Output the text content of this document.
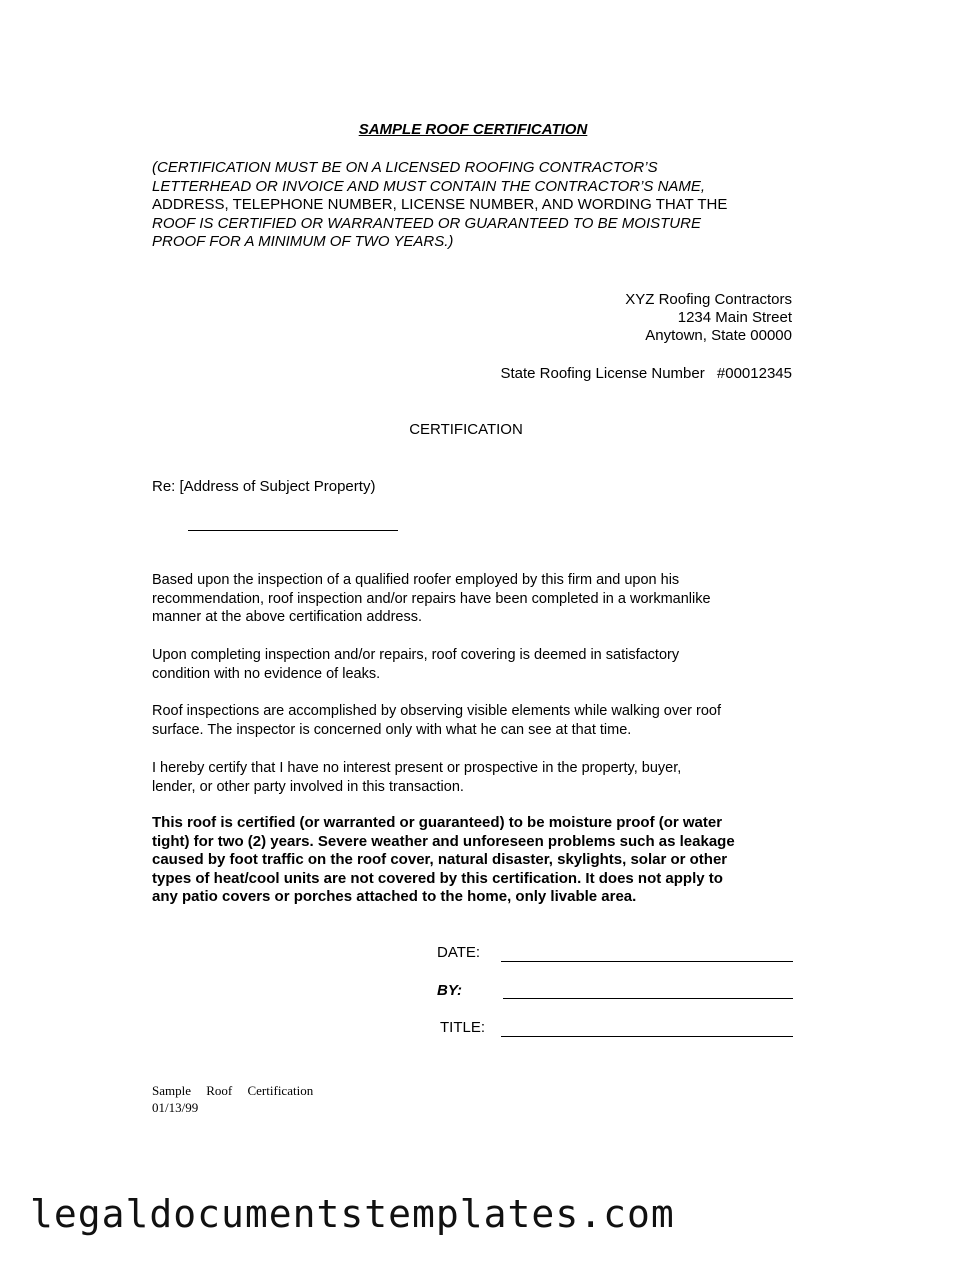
SAMPLE ROOF CERTIFICATION

(CERTIFICATION MUST BE ON A LICENSED ROOFING CONTRACTOR’S
LETTERHEAD OR INVOICE AND MUST CONTAIN THE CONTRACTOR’S NAME,
ADDRESS, TELEPHONE NUMBER, LICENSE NUMBER, AND WORDING THAT THE
ROOF IS CERTIFIED OR WARRANTEED OR GUARANTEED TO BE MOISTURE
PROOF FOR A MINIMUM OF TWO YEARS.)

XYZ Roofing Contractors
1234 Main Street
Anytown, State 00000
State Roofing License Number #00012345
CERTIFICATION
Re: [Address of Subject Property)

Based upon the inspection of a qualified roofer employed by this firm and upon his
recommendation, roof inspection and/or repairs have been completed in a workmanlike
manner at the above certification address.

Upon completing inspection and/or repairs, roof covering is deemed in satisfactory
condition with no evidence of leaks.

Roof inspections are accomplished by observing visible elements while walking over roof
surface. The inspector is concerned only with what he can see at that time.

I hereby certify that I have no interest present or prospective in the property, buyer,
lender, or other party involved in this transaction.

This roof is certified (or warranted or guaranteed) to be moisture proof (or water
tight) for two (2) years. Severe weather and unforeseen problems such as leakage
caused by foot traffic on the roof cover, natural disaster, skylights, solar or other
types of heat/cool units are not covered by this certification. It does not apply to
any patio covers or porches attached to the home, only livable area.

DATE:
BY:
TITLE:
Sample Roof Certification
01/13/99
legaldocumentstemplates.com
